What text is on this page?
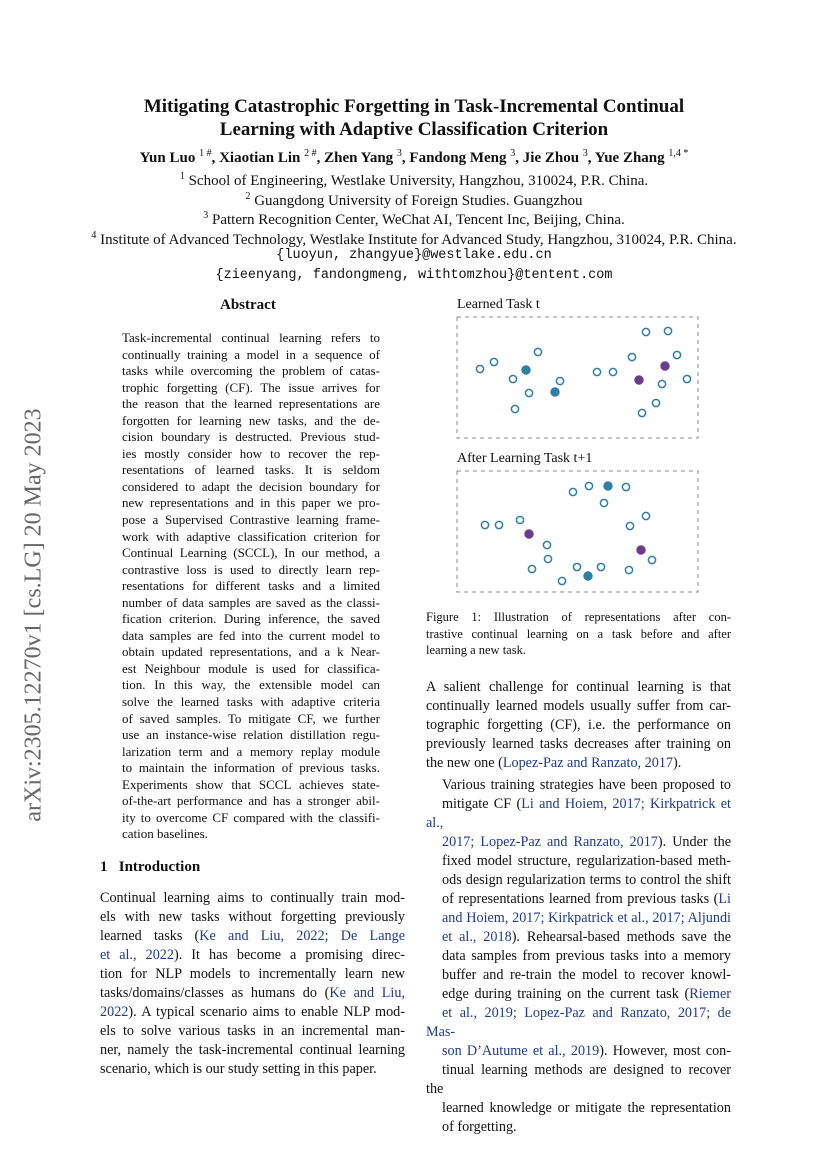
Mitigating Catastrophic Forgetting in Task-Incremental Continual
Learning with Adaptive Classification Criterion
Yun Luo $^{1 \#}$, Xiaotian Lin $^{2 \#}$, Zhen Yang $^3$, Fandong Meng $^3$, Jie Zhou $^3$, Yue Zhang $^{1,4 *}$
$^1$ School of Engineering, Westlake University, Hangzhou, 310024, P.R. China.
$^2$ Guangdong University of Foreign Studies. Guangzhou
$^3$ Pattern Recognition Center, WeChat AI, Tencent Inc, Beijing, China.
$^4$ Institute of Advanced Technology, Westlake Institute for Advanced Study, Hangzhou, 310024, P.R. China.
{luoyun, zhangyue}@westlake.edu.cn
{zieenyang, fandongmeng, withtomzhou}@tentent.com
arXiv:2305.12270v1 [cs.LG] 20 May 2023
Abstract
Task-incremental continual learning refers to
continually training a model in a sequence of
tasks while overcoming the problem of catas-
trophic forgetting (CF). The issue arrives for
the reason that the learned representations are
forgotten for learning new tasks, and the de-
cision boundary is destructed. Previous stud-
ies mostly consider how to recover the rep-
resentations of learned tasks. It is seldom
considered to adapt the decision boundary for
new representations and in this paper we pro-
pose a Supervised Contrastive learning frame-
work with adaptive classification criterion for
Continual Learning (SCCL), In our method, a
contrastive loss is used to directly learn rep-
resentations for different tasks and a limited
number of data samples are saved as the classi-
fication criterion. During inference, the saved
data samples are fed into the current model to
obtain updated representations, and a k Near-
est Neighbour module is used for classifica-
tion. In this way, the extensible model can
solve the learned tasks with adaptive criteria
of saved samples. To mitigate CF, we further
use an instance-wise relation distillation regu-
larization term and a memory replay module
to maintain the information of previous tasks.
Experiments show that SCCL achieves state-
of-the-art performance and has a stronger abil-
ity to overcome CF compared with the classifi-
cation baselines.
1 Introduction
Continual learning aims to continually train mod-
els with new tasks without forgetting previously
learned tasks (Ke and Liu, 2022; De Lange
et al., 2022). It has become a promising direc-
tion for NLP models to incrementally learn new
tasks/domains/classes as humans do (Ke and Liu,
2022). A typical scenario aims to enable NLP mod-
els to solve various tasks in an incremental man-
ner, namely the task-incremental continual learning
scenario, which is our study setting in this paper.
Learned Task t
After Learning Task t+1
Figure 1: Illustration of representations after con-
trastive continual learning on a task before and after
learning a new task.
A salient challenge for continual learning is that
continually learned models usually suffer from car-
tographic forgetting (CF), i.e. the performance on
previously learned tasks decreases after training on
the new one (Lopez-Paz and Ranzato, 2017).
Various training strategies have been proposed to
mitigate CF (Li and Hoiem, 2017; Kirkpatrick et al.,
2017; Lopez-Paz and Ranzato, 2017). Under the
fixed model structure, regularization-based meth-
ods design regularization terms to control the shift
of representations learned from previous tasks (Li
and Hoiem, 2017; Kirkpatrick et al., 2017; Aljundi
et al., 2018). Rehearsal-based methods save the
data samples from previous tasks into a memory
buffer and re-train the model to recover knowl-
edge during training on the current task (Riemer
et al., 2019; Lopez-Paz and Ranzato, 2017; de Mas-
son D’Autume et al., 2019). However, most con-
tinual learning methods are designed to recover the
learned knowledge or mitigate the representation
of forgetting.
